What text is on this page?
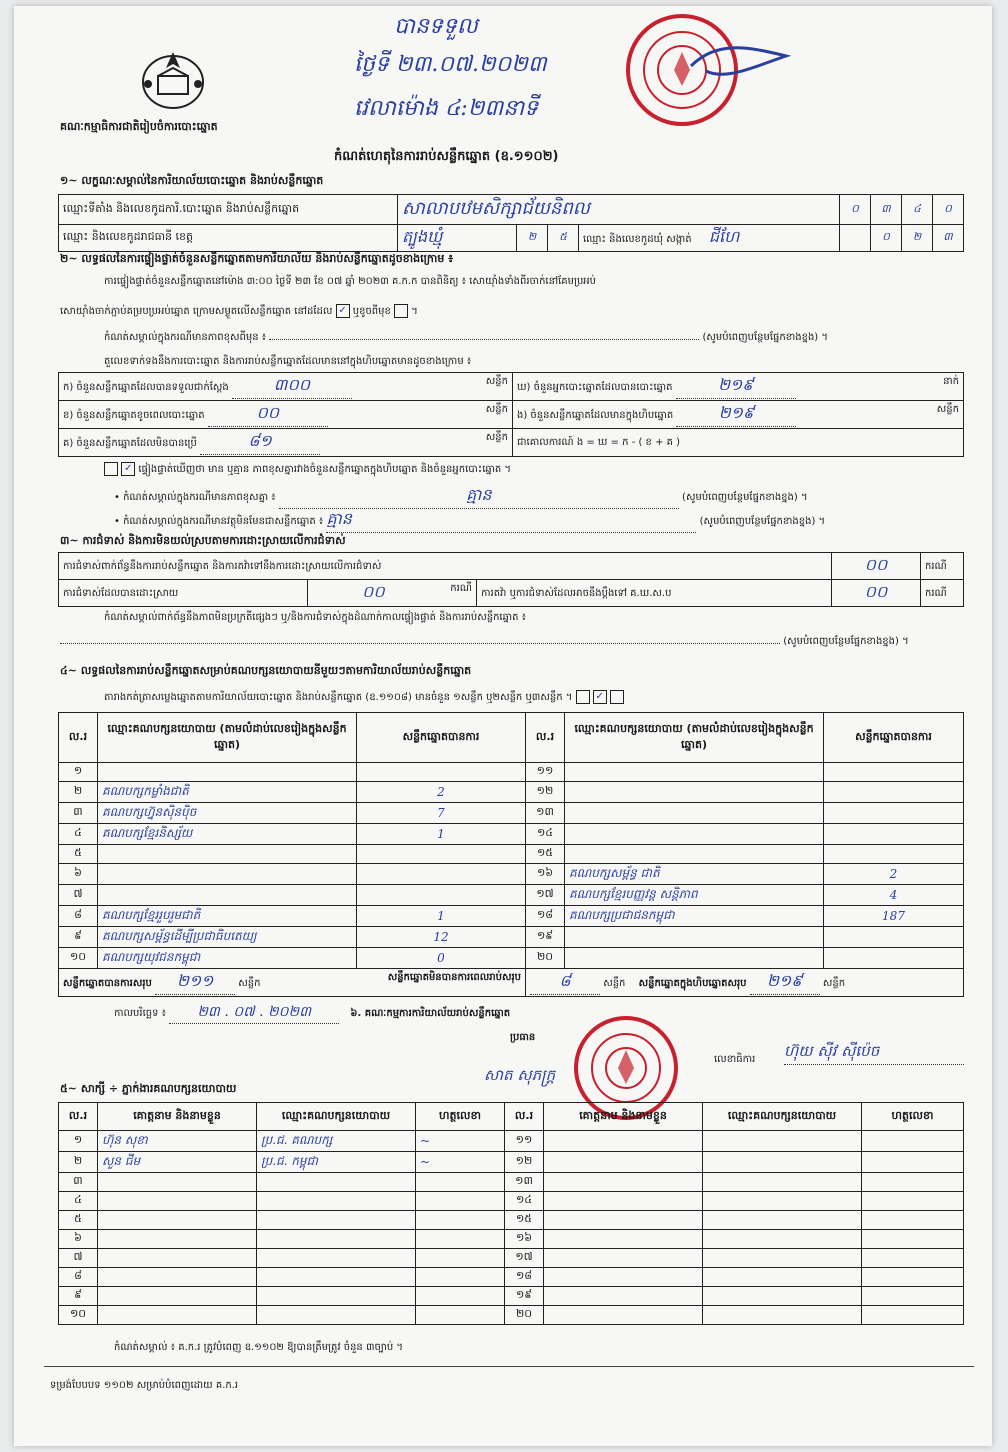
គណៈកម្មាធិការជាតិរៀបចំការបោះឆ្នោត
បានទទួល
ថ្ងៃទី ២៣.០៧.២០២៣
វេលាម៉ោង ៤:២៣នាទី
កំណត់ហេតុនៃការរាប់សន្លឹកឆ្នោត (ឧ.១១០២)
១~ លក្ខណៈសម្គាល់នៃការិយាល័យបោះឆ្នោត និងរាប់សន្លឹកឆ្នោត
ឈ្មោះទីតាំង និងលេខកូដការិ.បោះឆ្នោត និងរាប់សន្លឹកឆ្នោត	សាលាបឋមសិក្សាជ័យនិពល				០	៣	៤	០
ឈ្មោះ និងលេខកូដរាជធានី ខេត្ត	ត្បូងឃ្មុំ	២	៥	ឈ្មោះ និងលេខកូដឃុំ សង្កាត់ ជីហែ		០	២	៣
២~ លទ្ធផលនៃការផ្ទៀងផ្ទាត់ចំនួនសន្លឹកឆ្នោតតាមការិយាល័យ និងរាប់សន្លឹកឆ្នោតដូចខាងក្រោម ៖
ការផ្ទៀងផ្ទាត់ចំនួនសន្លឹកឆ្នោតនៅម៉ោង ៣:០០ ថ្ងៃទី ២៣ ខែ ០៧ ឆ្នាំ ២០២៣ គ.ក.ក បានពិនិត្យ ៖ សោយ៉ាំងទាំងពីរចាក់នៅគែមប្រអប់
សោយ៉ាំងចាក់ភ្ជាប់គម្របប្រអប់ឆ្នោត ក្រោមសម្ងួតលើសន្លឹកឆ្នោត នៅដដែល ✓ ឬខូចពីមុខ  ។
កំណត់សម្គាល់ក្នុងករណីមានភាពខុសពីមុន ៖	(សូមបំពេញបន្ថែមផ្នែកខាងខ្នង) ។
តួលេខទាក់ទងនឹងការបោះឆ្នោត និងការរាប់សន្លឹកឆ្នោតដែលមាននៅក្នុងហិបឆ្នោតមានដូចខាងក្រោម ៖
ក) ចំនួនសន្លឹកឆ្នោតដែលបានទទួលជាក់ស្តែង ៣០០ សន្លឹក	ឃ) ចំនួនអ្នកបោះឆ្នោតដែលបានបោះឆ្នោត ២១៩ នាក់

ខ) ចំនួនសន្លឹកឆ្នោតខូចពេលបោះឆ្នោត ០០ សន្លឹក	ង) ចំនួនសន្លឹកឆ្នោតដែលមានក្នុងហិបឆ្នោត ២១៩ សន្លឹក

គ) ចំនួនសន្លឹកឆ្នោតដែលមិនបានប្រើ ៨១ សន្លឹក	ជាគោលការណ៍ ង = ឃ = ក - ( ខ + គ )
✓ ផ្ទៀងផ្ទាត់ឃើញថា មាន ឬគ្មាន ភាពខុសគ្នារវាងចំនួនសន្លឹកឆ្នោតក្នុងហិបឆ្នោត និងចំនួនអ្នកបោះឆ្នោត ។
• កំណត់សម្គាល់ក្នុងករណីមានភាពខុសគ្នា ៖	គ្មាន	(សូមបំពេញបន្ថែមផ្នែកខាងខ្នង) ។
• កំណត់សម្គាល់ក្នុងករណីមានវត្ថុមិនមែនជាសន្លឹកឆ្នោត ៖ គ្មាន	(សូមបំពេញបន្ថែមផ្នែកខាងខ្នង) ។
៣~ ការជំទាស់ និងការមិនយល់ស្របតាមការដោះស្រាយលើការជំទាស់
ការជំទាស់ពាក់ព័ន្ធនឹងការរាប់សន្លឹកឆ្នោត និងការតវ៉ាទៅនឹងការដោះស្រាយលើការជំទាស់			០០	ករណី
ការជំទាស់ដែលបានដោះស្រាយ	០០ ករណី	ការតវ៉ា ឬការជំទាស់ដែលអាចនឹងប្ដឹងទៅ គ.ឃ.ស.ប	០០	ករណី
កំណត់សម្គាល់ពាក់ព័ន្ធនឹងភាពមិនប្រក្រតីផ្សេងៗ ឬ/និងការជំទាស់ក្នុងដំណាក់កាលផ្ទៀងផ្ទាត់ និងការរាប់សន្លឹកឆ្នោត ៖
(សូមបំពេញបន្ថែមផ្នែកខាងខ្នង) ។
៤~ លទ្ធផលនៃការរាប់សន្លឹកឆ្នោតសម្រាប់គណបក្សនយោបាយនីមួយៗតាមការិយាល័យរាប់សន្លឹកឆ្នោត
តារាងកត់ត្រាសម្លេងឆ្នោតតាមការិយាល័យបោះឆ្នោត និងរាប់សន្លឹកឆ្នោត (ឧ.១១០៨) មានចំនួន ១សន្លឹក ឬ២សន្លឹក ឬ៣សន្លឹក ។ ✓
ល.រ	ឈ្មោះគណបក្សនយោបាយ (តាមលំដាប់លេខរៀងក្នុងសន្លឹកឆ្នោត)	សន្លឹកឆ្នោតបានការ	ល.រ	ឈ្មោះគណបក្សនយោបាយ (តាមលំដាប់លេខរៀងក្នុងសន្លឹកឆ្នោត)	សន្លឹកឆ្នោតបានការ
១			១១		
២	គណបក្សកម្លាំងជាតិ	2	១២		
៣	គណបក្សហ្វ៊ុនស៊ិនប៉ិច	7	១៣		
៤	គណបក្សខ្មែរនិស្ស័យ	1	១៤		
៥			១៥		
៦			១៦	គណបក្សសម្ព័ន្ធ ជាតិ	2
៧			១៧	គណបក្សខ្មែរបញ្ញវន្ត សន្តិភាព	4
៨	គណបក្សខ្មែររួបរួមជាតិ	1	១៨	គណបក្សប្រជាជនកម្ពុជា	187
៩	គណបក្សសម្ព័ន្ធដើម្បីប្រជាធិបតេយ្យ	12	១៩		
១០	គណបក្សយុវជនកម្ពុជា	0	២០		
សន្លឹកឆ្នោតបានការសរុប ២១១ សន្លឹក
សន្លឹកឆ្នោតមិនបានការពេលរាប់សរុប			៨ សន្លឹក សន្លឹកឆ្នោតក្នុងហិបឆ្នោតសរុប ២១៩ សន្លឹក		
កាលបរិច្ឆេទ ៖ ២៣ . ០៧ . ២០២៣	៦. គណៈកម្មការការិយាល័យរាប់សន្លឹកឆ្នោត
ប្រធាន
សាត សុភក្ត្រ
លេខាធិការ ហ៊ុយ ស៊ីវ ស៊ីប៉េច
៥~ សាក្សី ÷ ភ្នាក់ងារគណបក្សនយោបាយ
ល.រ	គោត្តនាម និងនាមខ្លួន	ឈ្មោះគណបក្សនយោបាយ	ហត្ថលេខា	ល.រ	គោត្តនាម និងនាមខ្លួន	ឈ្មោះគណបក្សនយោបាយ	ហត្ថលេខា
១	ហ៊ុន សុខា	ប្រ.ជ. គណបក្ស	~	១១			
២	សួន ជីម	ប្រ.ជ. កម្ពុជា	~	១២			
៣				១៣			
៤				១៤			
៥				១៥			
៦				១៦			
៧				១៧			
៨				១៨			
៩				១៩			
១០				២០			
កំណត់សម្គាល់ ៖ គ.ក.រ ត្រូវបំពេញ ឧ.១១០២ ឱ្យបានត្រឹមត្រូវ ចំនួន ៣ច្បាប់ ។
ទម្រង់បែបបទ ១១០២ សម្រាប់បំពេញដោយ គ.ក.រ
